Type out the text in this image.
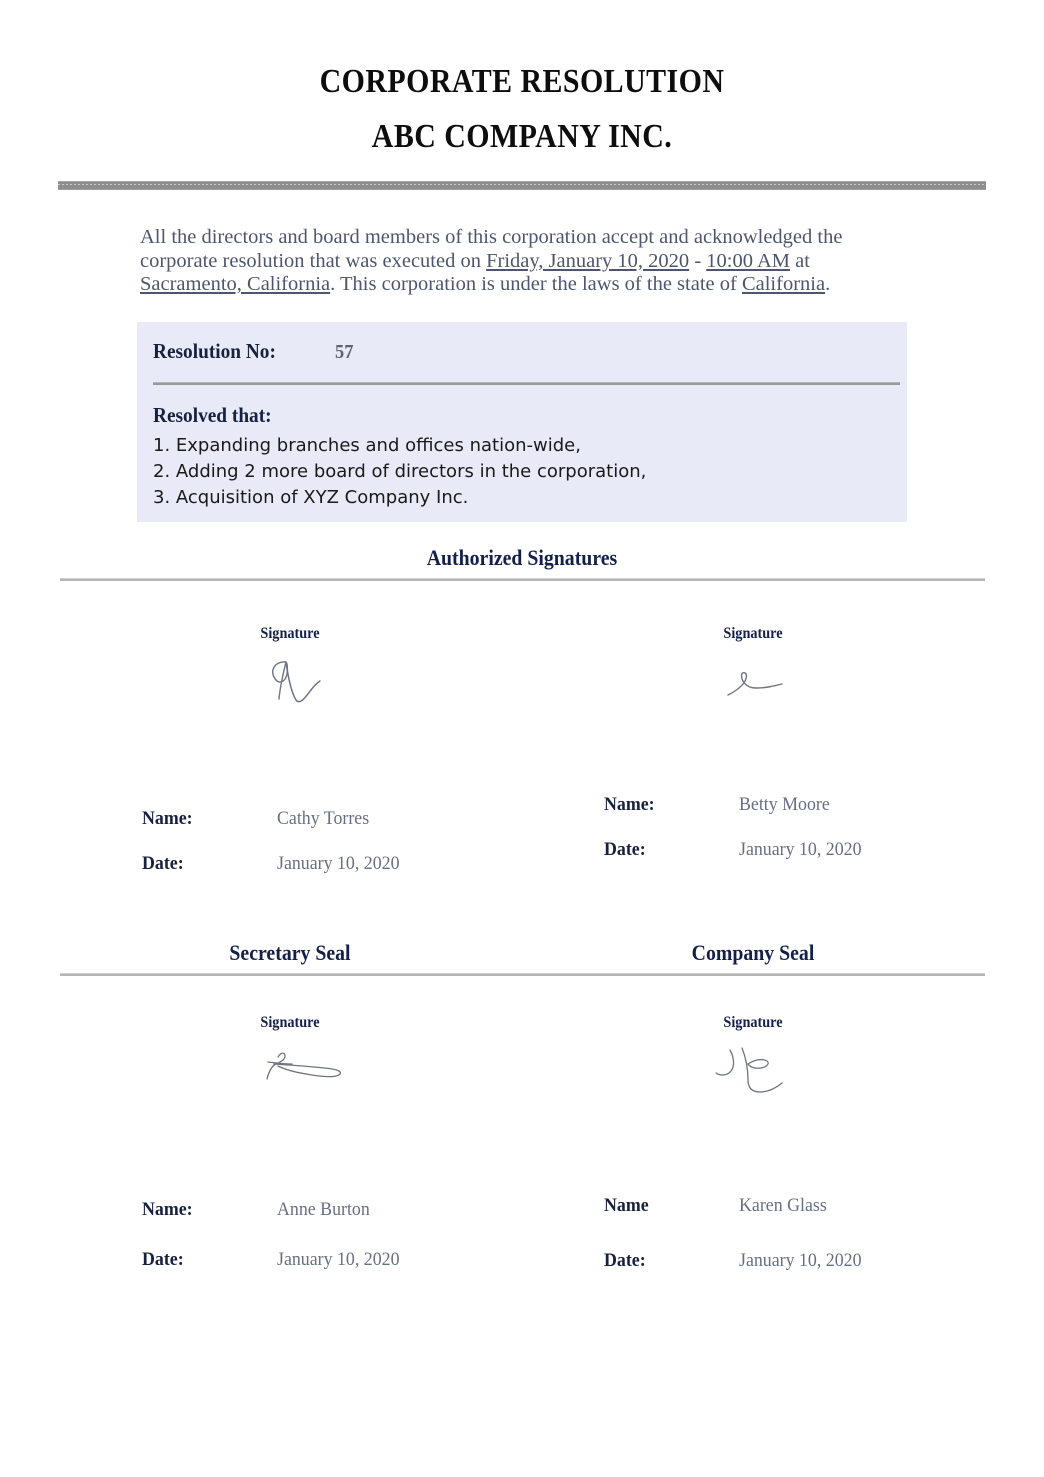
CORPORATE RESOLUTION
ABC COMPANY INC.
All the directors and board members of this corporation accept and acknowledged the corporate resolution that was executed on Friday, January 10, 2020 - 10:00 AM at Sacramento, California. This corporation is under the laws of the state of California.
Resolution No:	57
Resolved that:
1. Expanding branches and offices nation-wide,
2. Adding 2 more board of directors in the corporation,
3. Acquisition of XYZ Company Inc.
Authorized Signatures
Signature	Signature
Name:	Cathy Torres
Date:	January 10, 2020
Name:	Betty Moore
Date:	January 10, 2020
Secretary Seal	Company Seal
Signature	Signature
Name:	Anne Burton
Date:	January 10, 2020
Name	Karen Glass
Date:	January 10, 2020
